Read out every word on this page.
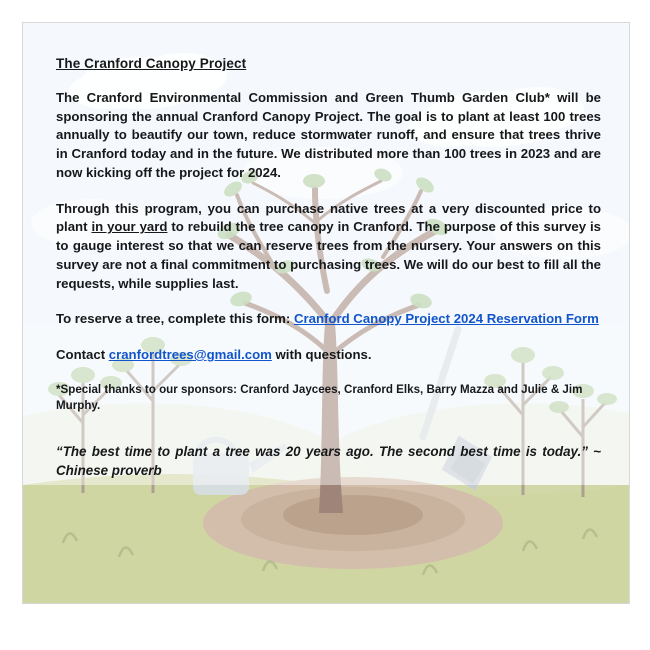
The Cranford Canopy Project

The Cranford Environmental Commission and Green Thumb Garden Club* will be sponsoring the annual Cranford Canopy Project. The goal is to plant at least 100 trees annually to beautify our town, reduce stormwater runoff, and ensure that trees thrive in Cranford today and in the future. We distributed more than 100 trees in 2023 and are now kicking off the project for 2024.

Through this program, you can purchase native trees at a very discounted price to plant in your yard to rebuild the tree canopy in Cranford. The purpose of this survey is to gauge interest so that we can reserve trees from the nursery. Your answers on this survey are not a final commitment to purchasing trees. We will do our best to fill all the requests, while supplies last.

To reserve a tree, complete this form: Cranford Canopy Project 2024 Reservation Form

Contact cranfordtrees@gmail.com with questions.

*Special thanks to our sponsors: Cranford Jaycees, Cranford Elks, Barry Mazza and Julie & Jim Murphy.

“The best time to plant a tree was 20 years ago. The second best time is today.” ~ Chinese proverb
